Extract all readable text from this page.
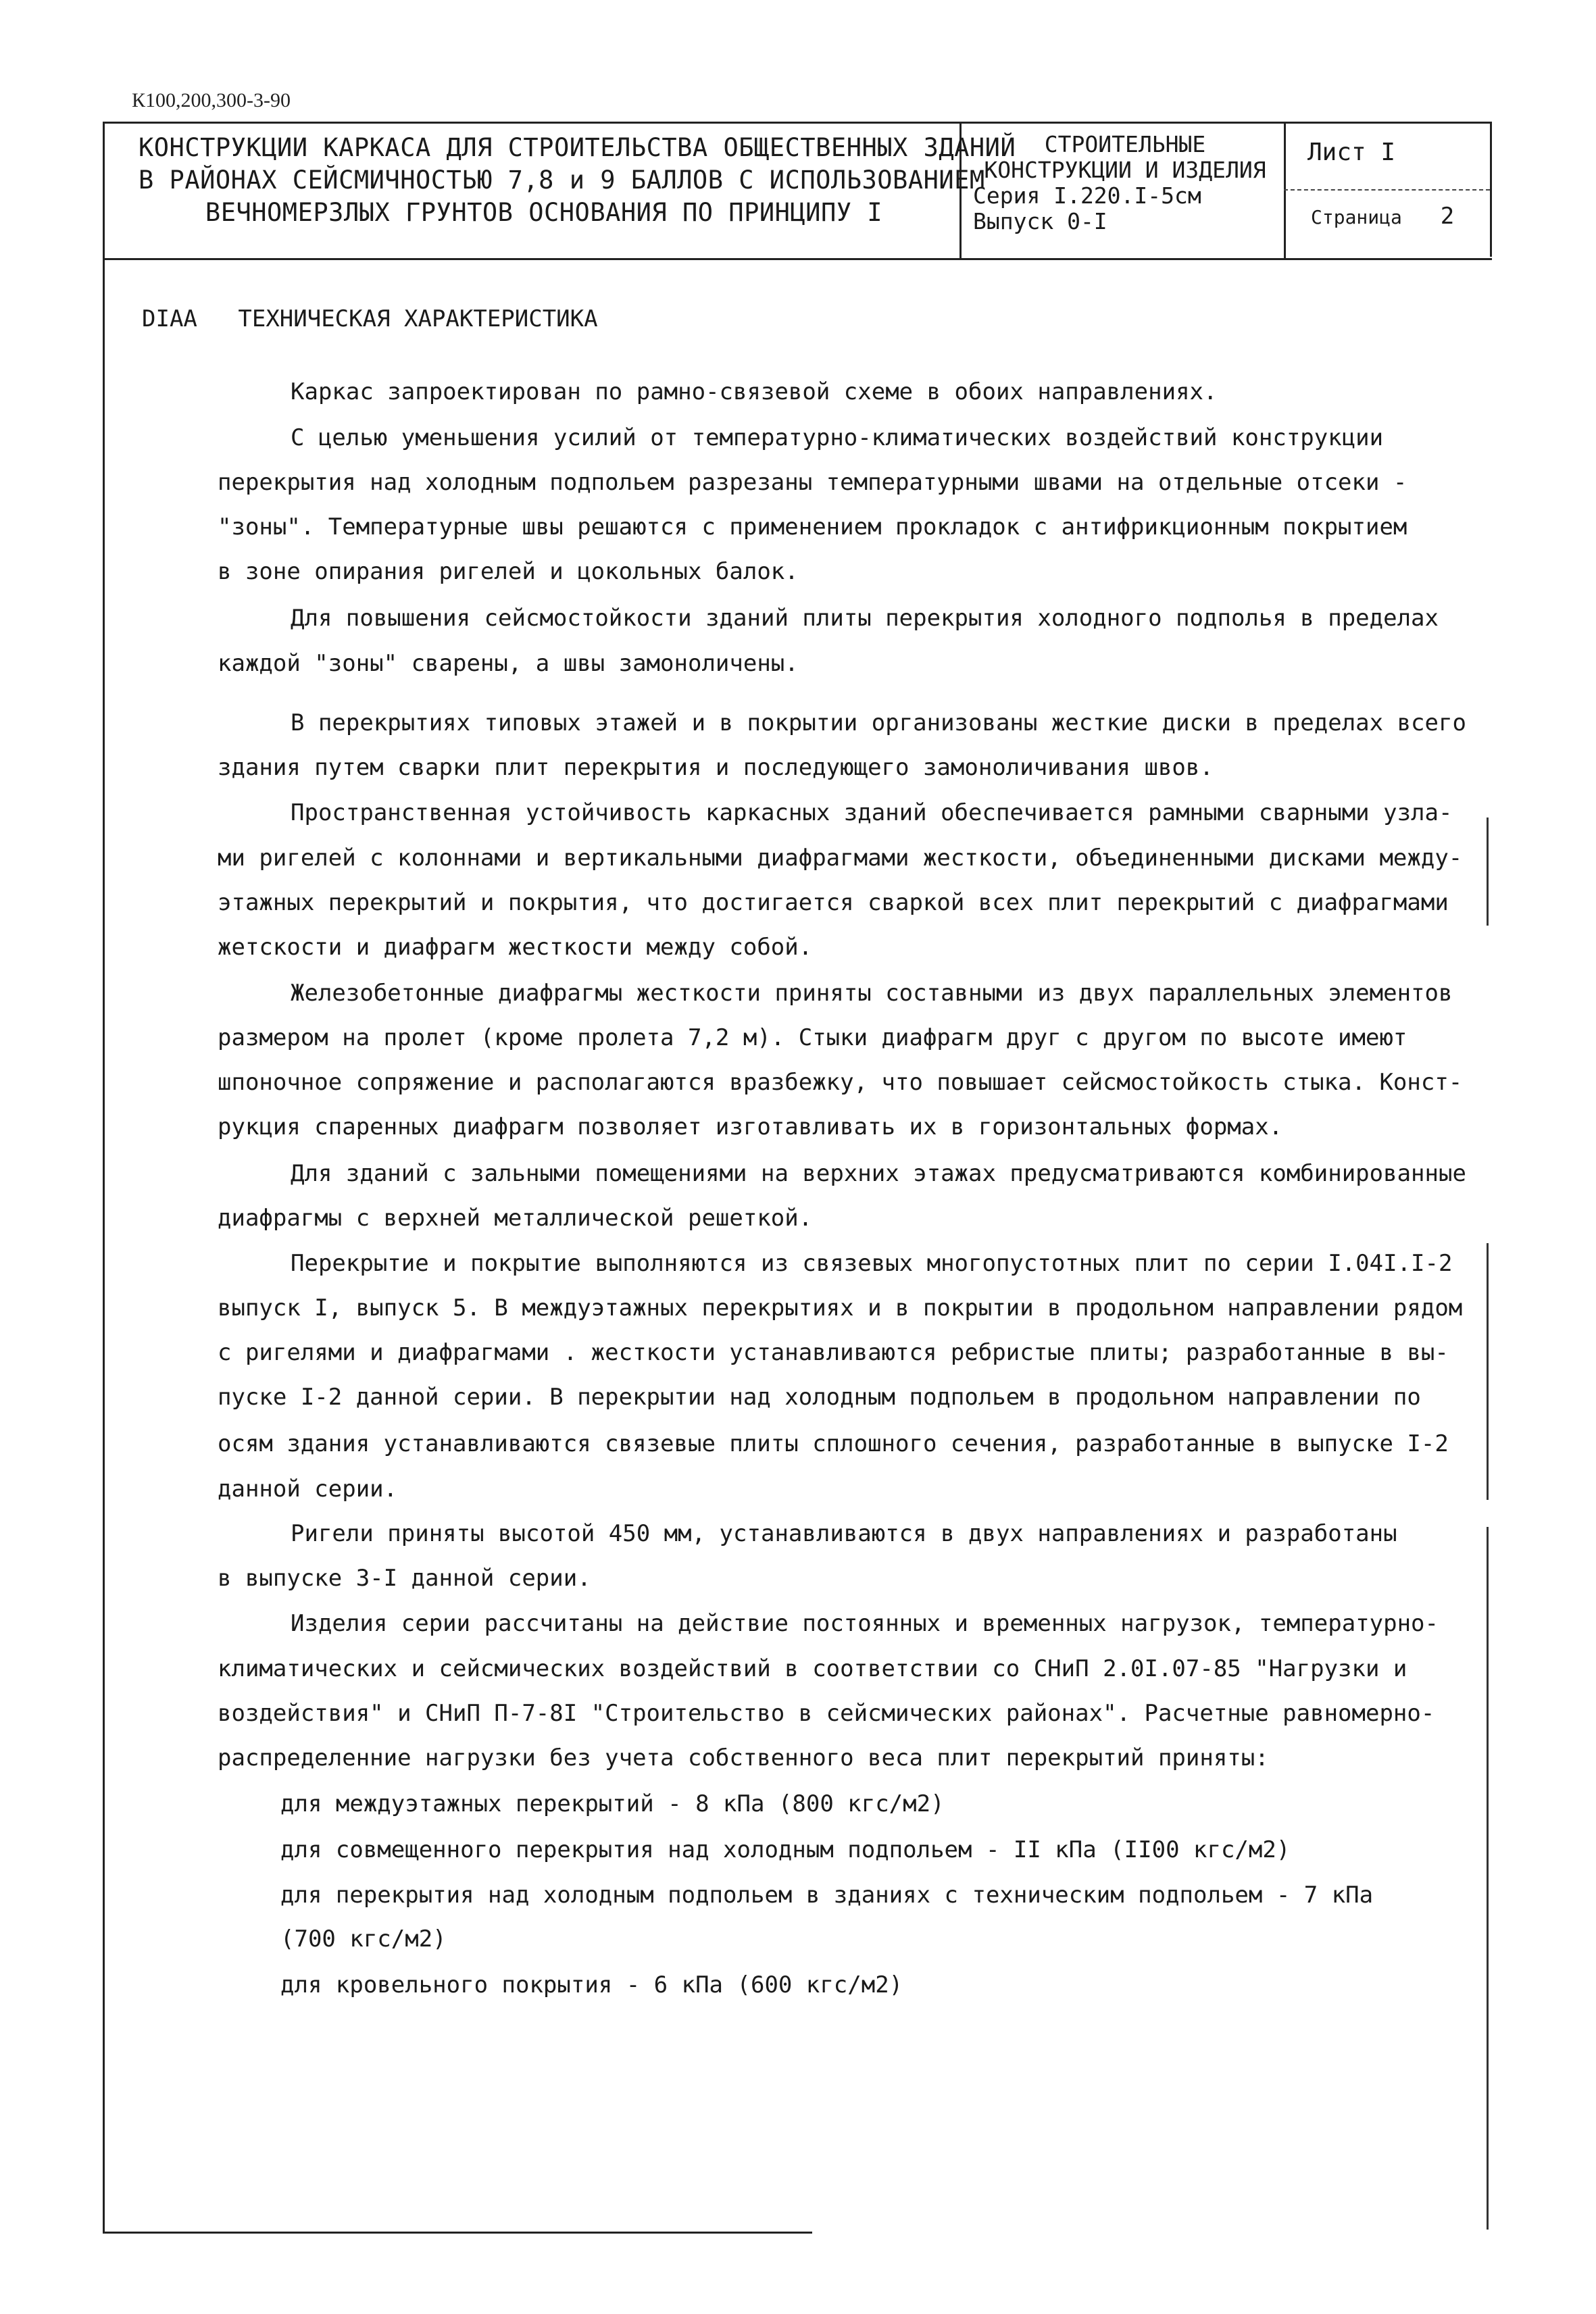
К100,200,300-3-90
КОНСТРУКЦИИ КАРКАСА ДЛЯ СТРОИТЕЛЬСТВА ОБЩЕСТВЕННЫХ ЗДАНИЙ
В РАЙОНАХ СЕЙСМИЧНОСТЬЮ 7,8 и 9 БАЛЛОВ С ИСПОЛЬЗОВАНИЕМ
ВЕЧНОМЕРЗЛЫХ ГРУНТОВ ОСНОВАНИЯ ПО ПРИНЦИПУ I
СТРОИТЕЛЬНЫЕ
КОНСТРУКЦИИ И ИЗДЕЛИЯ
Серия I.220.I-5см
Выпуск 0-I
Лист I
Страница 2
DIAA ТЕХНИЧЕСКАЯ ХАРАКТЕРИСТИКА
Каркас запроектирован по рамно-связевой схеме в обоих направлениях.
С целью уменьшения усилий от температурно-климатических воздействий конструкции
перекрытия над холодным подпольем разрезаны температурными швами на отдельные отсеки -
"зоны". Температурные швы решаются с применением прокладок с антифрикционным покрытием
в зоне опирания ригелей и цокольных балок.
Для повышения сейсмостойкости зданий плиты перекрытия холодного подполья в пределах
каждой "зоны" сварены, а швы замоноличены.
В перекрытиях типовых этажей и в покрытии организованы жесткие диски в пределах всего
здания путем сварки плит перекрытия и последующего замоноличивания швов.
Пространственная устойчивость каркасных зданий обеспечивается рамными сварными узла-
ми ригелей с колоннами и вертикальными диафрагмами жесткости, объединенными дисками между-
этажных перекрытий и покрытия, что достигается сваркой всех плит перекрытий с диафрагмами
жетскости и диафрагм жесткости между собой.
Железобетонные диафрагмы жесткости приняты составными из двух параллельных элементов
размером на пролет (кроме пролета 7,2 м). Стыки диафрагм друг с другом по высоте имеют
шпоночное сопряжение и располагаются вразбежку, что повышает сейсмостойкость стыка. Конст-
рукция спаренных диафрагм позволяет изготавливать их в горизонтальных формах.
Для зданий с зальными помещениями на верхних этажах предусматриваются комбинированные
диафрагмы с верхней металлической решеткой.
Перекрытие и покрытие выполняются из связевых многопустотных плит по серии I.04I.I-2
выпуск I, выпуск 5. В междуэтажных перекрытиях и в покрытии в продольном направлении рядом
с ригелями и диафрагмами . жесткости устанавливаются ребристые плиты; разработанные в вы-
пуске I-2 данной серии. В перекрытии над холодным подпольем в продольном направлении по
осям здания устанавливаются связевые плиты сплошного сечения, разработанные в выпуске I-2
данной серии.
Ригели приняты высотой 450 мм, устанавливаются в двух направлениях и разработаны
в выпуске 3-I данной серии.
Изделия серии рассчитаны на действие постоянных и временных нагрузок, температурно-
климатических и сейсмических воздействий в соответствии со СНиП 2.0I.07-85 "Нагрузки и
воздействия" и СНиП П-7-8I "Строительство в сейсмических районах". Расчетные равномерно-
распределенние нагрузки без учета собственного веса плит перекрытий приняты:
для междуэтажных перекрытий - 8 кПа (800 кгс/м2)
для совмещенного перекрытия над холодным подпольем - II кПа (II00 кгс/м2)
для перекрытия над холодным подпольем в зданиях с техническим подпольем - 7 кПа
(700 кгс/м2)
для кровельного покрытия - 6 кПа (600 кгс/м2)
